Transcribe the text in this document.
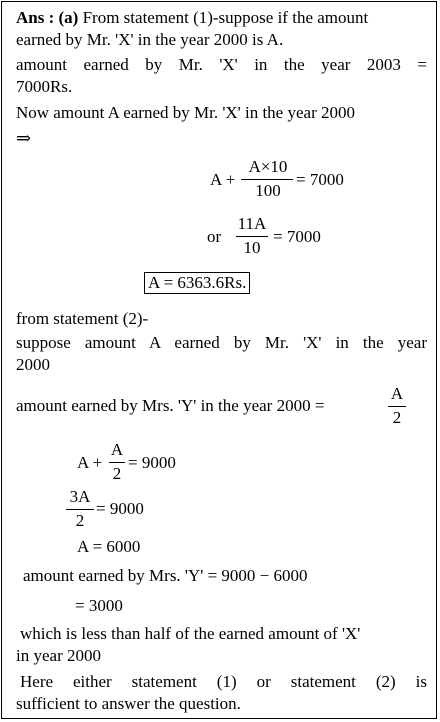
Ans : (a) From statement (1)-suppose if the amount
earned by Mr. 'X' in the year 2000 is A.
amount earned by Mr. 'X' in the year 2003 =
7000Rs.
Now amount A earned by Mr. 'X' in the year 2000
⇒
A +
A×10
100
= 7000
or
11A
10
= 7000
A = 6363.6Rs.
from statement (2)-
suppose amount A earned by Mr. 'X' in the year
2000
amount earned by Mrs. 'Y' in the year 2000 =
A
2
A +
A
2
= 9000
3A
2
= 9000
A = 6000
amount earned by Mrs. 'Y' = 9000 − 6000
= 3000
which is less than half of the earned amount of 'X'
in year 2000
Here either statement (1) or statement (2) is
sufficient to answer the question.
